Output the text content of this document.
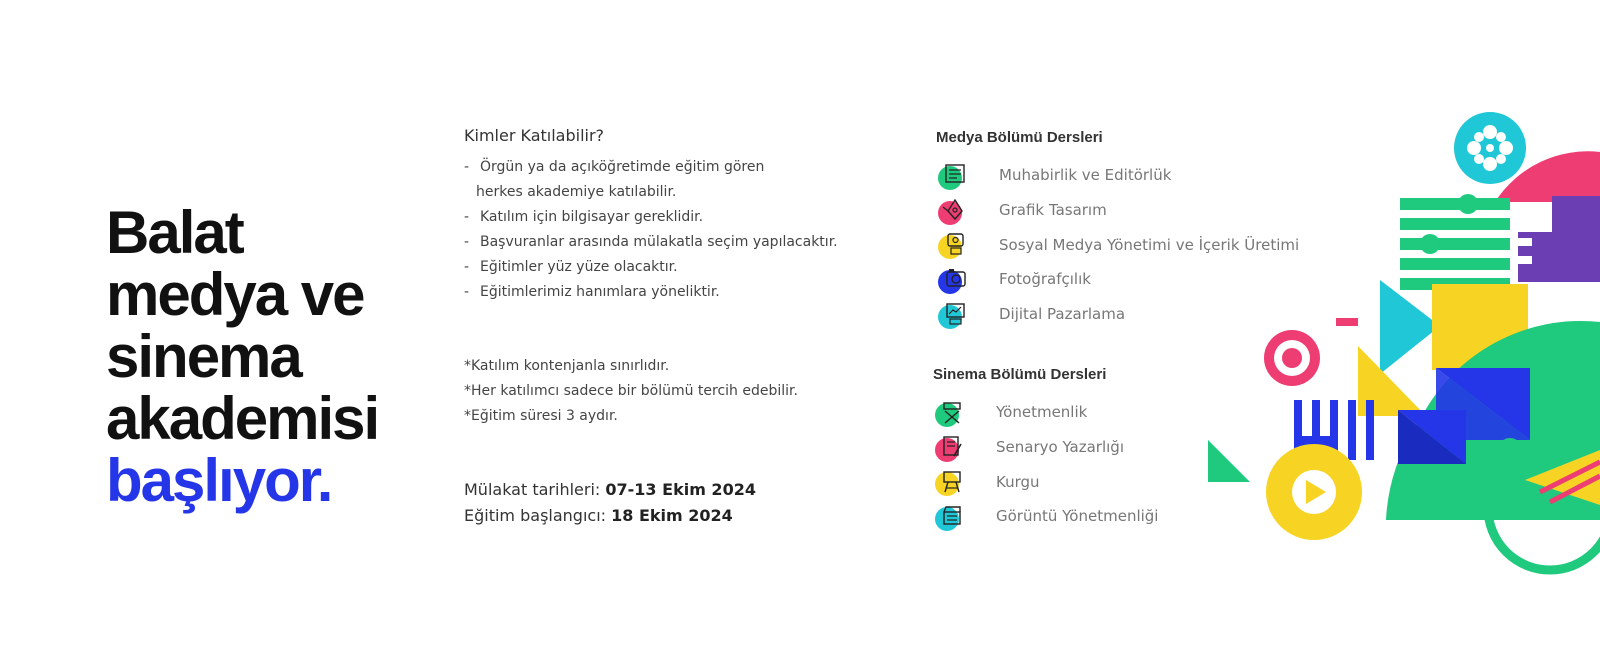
Balat
medya ve
sinema
akademisi
başlıyor.
Kimler Katılabilir?
- Örgün ya da açıköğretimde eğitim gören
herkes akademiye katılabilir.
- Katılım için bilgisayar gereklidir.
- Başvuranlar arasında mülakatla seçim yapılacaktır.
- Eğitimler yüz yüze olacaktır.
- Eğitimlerimiz hanımlara yöneliktir.

*Katılım kontenjanla sınırlıdır.

*Her katılımcı sadece bir bölümü tercih edebilir.

*Eğitim süresi 3 aydır.

Mülakat tarihleri: 07-13 Ekim 2024

Eğitim başlangıcı: 18 Ekim 2024

Medya Bölümü Dersleri
Muhabirlik ve Editörlük
Grafik Tasarım
Sosyal Medya Yönetimi ve İçerik Üretimi
Fotoğrafçılık
Dijital Pazarlama
Sinema Bölümü Dersleri
Yönetmenlik
Senaryo Yazarlığı
Kurgu
Görüntü Yönetmenliği
